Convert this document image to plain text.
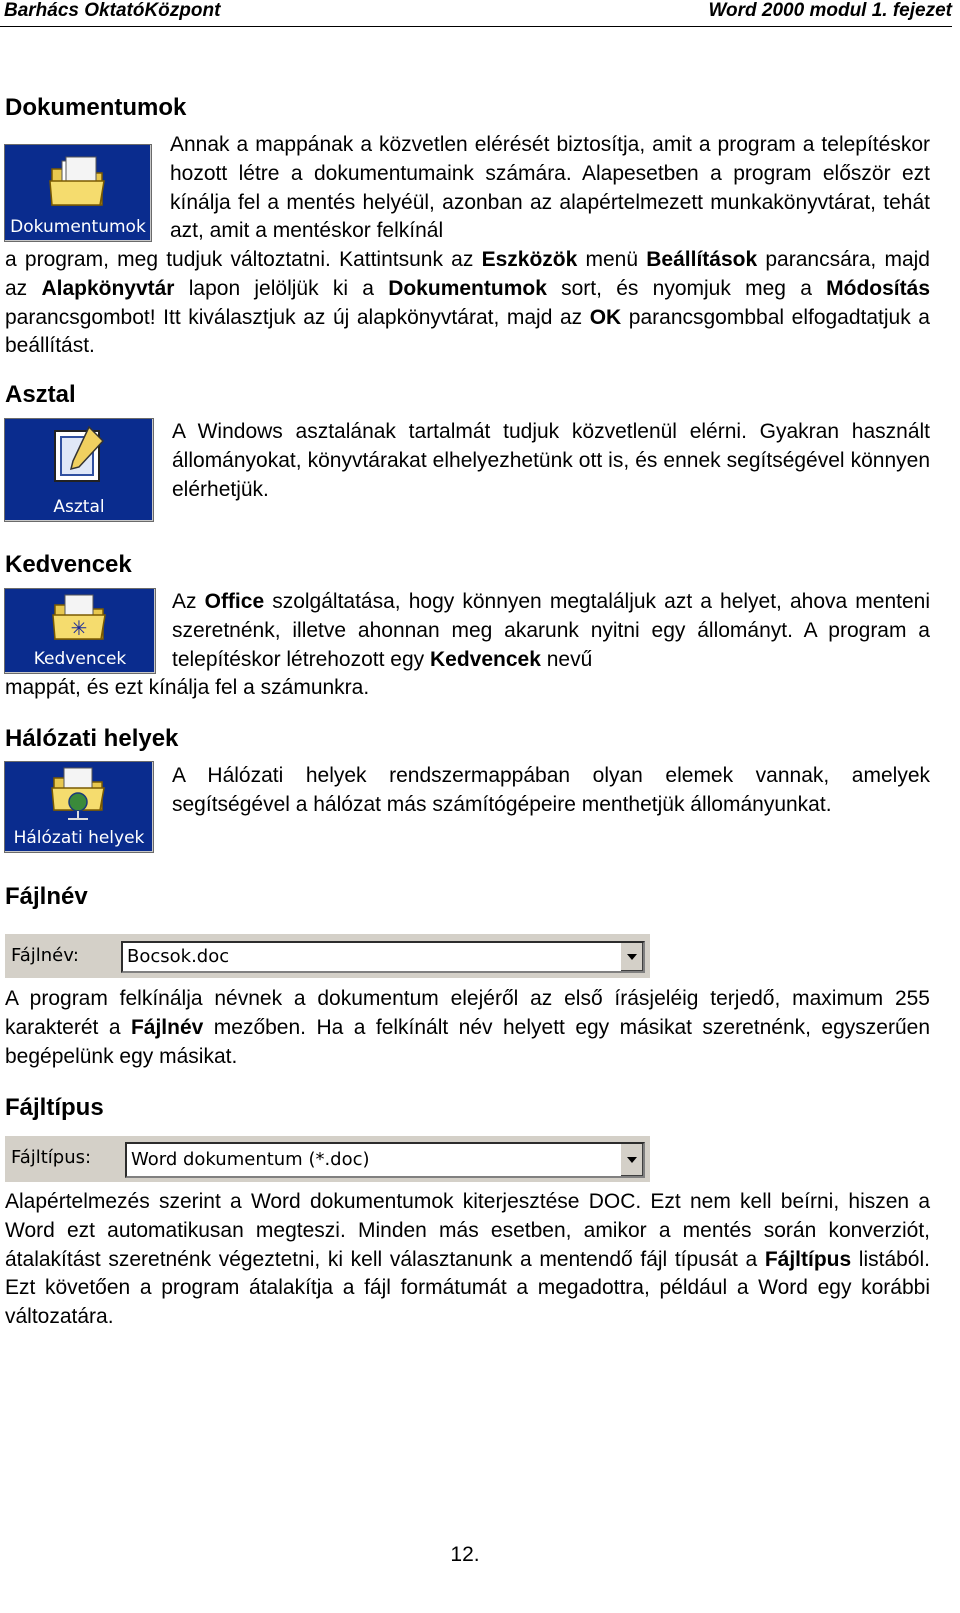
Barhács OktatóKözpont	Word 2000 modul 1. fejezet
Dokumentumok
Dokumentumok

Annak a mappának a közvetlen elérését biztosítja, amit a program a telepítéskor hozott létre a dokumentumaink számára. Alapesetben a program először ezt kínálja fel a mentés helyéül, azonban az alapértelmezett munkakönyvtárat, tehát azt, amit a mentéskor felkínál

a program, meg tudjuk változtatni. Kattintsunk az Eszközök menü Beállítások parancsára, majd az Alapkönyvtár lapon jelöljük ki a Dokumentumok sort, és nyomjuk meg a Módosítás parancsgombot! Itt kiválasztjuk az új alapkönyvtárat, majd az OK parancsgombbal elfogadtatjuk a beállítást.

Asztal
Asztal

A Windows asztalának tartalmát tudjuk közvetlenül elérni. Gyakran használt állományokat, könyvtárakat elhelyezhetünk ott is, és ennek segítségével könnyen elérhetjük.

Kedvencek
✳
Kedvencek

Az Office szolgáltatása, hogy könnyen megtaláljuk azt a helyet, ahova menteni szeretnénk, illetve ahonnan meg akarunk nyitni egy állományt. A program a telepítéskor létrehozott egy Kedvencek nevű

mappát, és ezt kínálja fel a számunkra.

Hálózati helyek
Hálózati helyek

A Hálózati helyek rendszermappában olyan elemek vannak, amelyek segítségével a hálózat más számítógépeire menthetjük állományunkat.

Fájlnév
Fájlnév:	Bocsok.doc

A program felkínálja névnek a dokumentum elejéről az első írásjeléig terjedő, maximum 255 karakterét a Fájlnév mezőben. Ha a felkínált név helyett egy másikat szeretnénk, egyszerűen begépelünk egy másikat.

Fájltípus
Fájltípus: Word dokumentum (*.doc)

Alapértelmezés szerint a Word dokumentumok kiterjesztése DOC. Ezt nem kell beírni, hiszen a Word ezt automatikusan megteszi. Minden más esetben, amikor a mentés során konverziót, átalakítást szeretnénk végeztetni, ki kell választanunk a mentendő fájl típusát a Fájltípus listából. Ezt követően a program átalakítja a fájl formátumát a megadottra, például a Word egy korábbi változatára.

12.
